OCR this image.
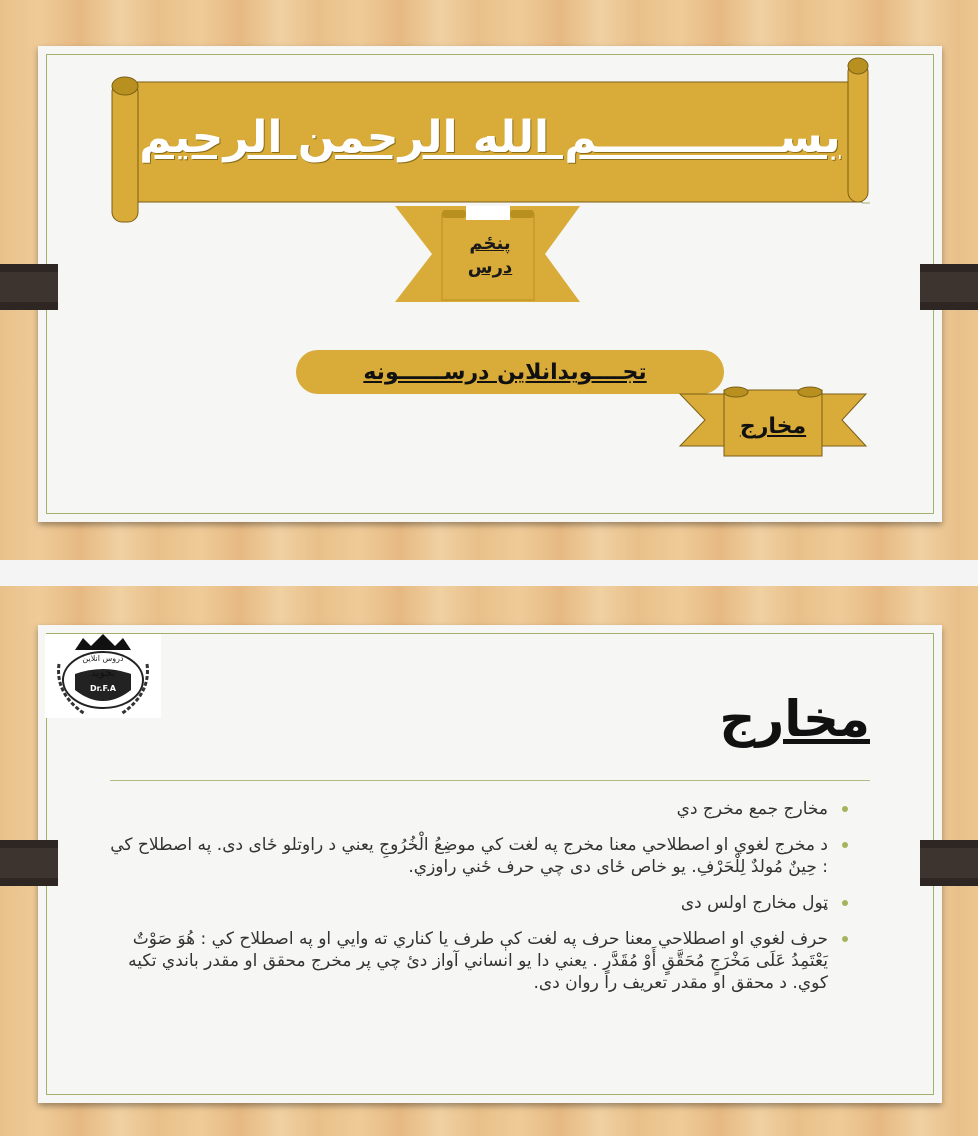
بســــــــــــم الله الرحمن الرحيم
پنځم
درس
تجــــويدانلاين درســــــونه
مخارج
دروس انلاين
تجويد
Dr.F.A
مخارج
مخارج جمع مخرج دي
د مخرج لغوي او اصطلاحي معنا مخرج په لغت كي موضِعُ الْخُرُوجِ يعني د راوتلو ځای دی. په اصطلاح كي : حِينٌ مُولدٌ لِلْحَرْفِ. يو خاص ځای دی چي حرف ځني راوزي.
ټول مخارج اولس دی
حرف لغوي او اصطلاحي معنا حرف په لغت كې طرف يا كناري ته وايي او په اصطلاح كي : هُوَ صَوْتٌ يَعْتَمِدُ عَلَى مَخْرَجٍ مُحَقَّقٍ أَوْ مُقَدَّرٍ . يعني دا يو انساني آواز دئ چي پر مخرج محقق او مقدر باندي تكيه كوي. د محقق او مقدر تعريف را روان دی.
